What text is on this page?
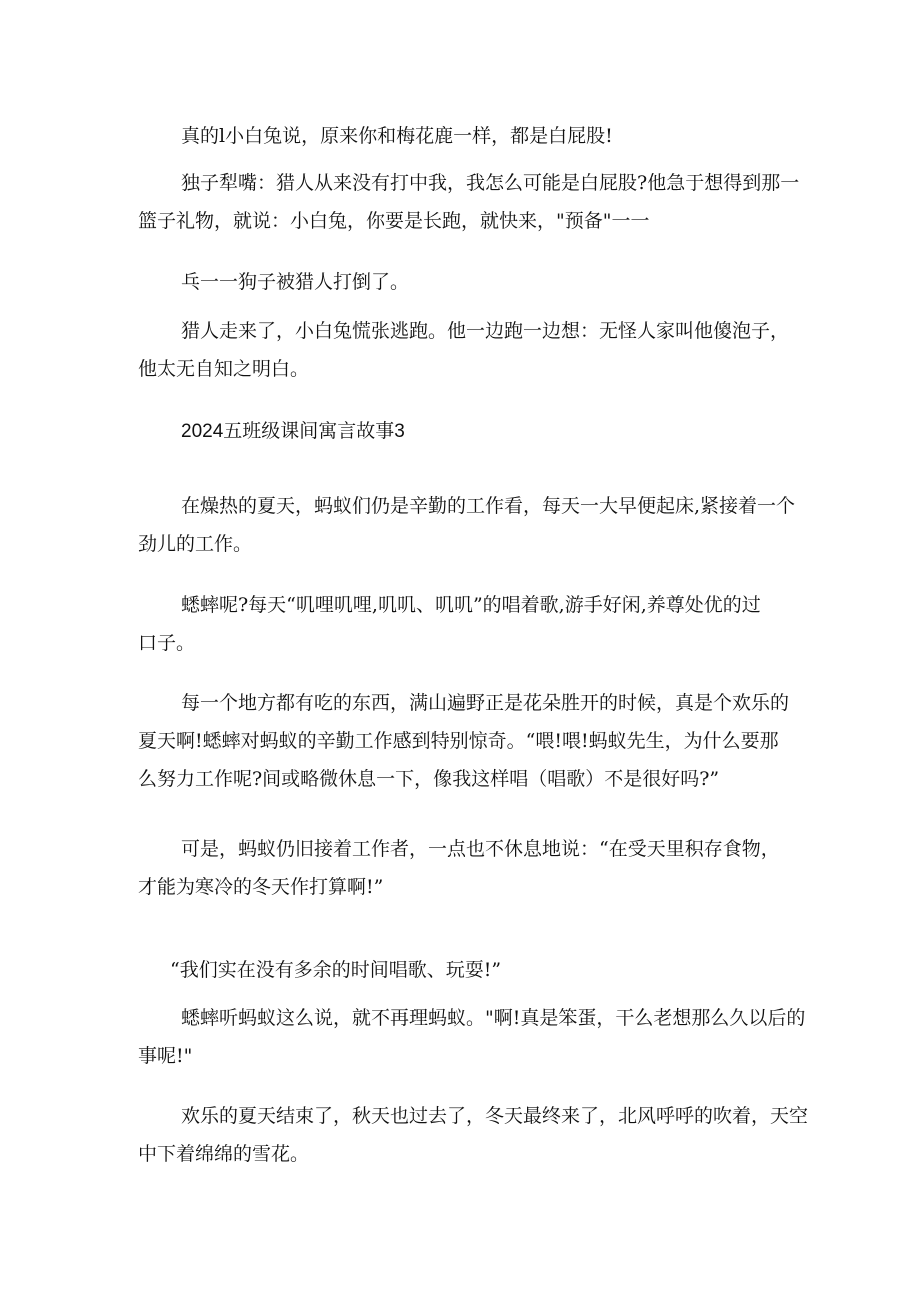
真的l小白兔说，原来你和梅花鹿一样，都是白屁股!

独子犁嘴：猎人从来没有打中我，我怎么可能是白屁股?他急于想得到那一
篮子礼物，就说：小白兔，你要是长跑，就快来，"预备"一一

乓一一狗子被猎人打倒了。

猎人走来了，小白兔慌张逃跑。他一边跑一边想：无怪人家叫他傻泡子，
他太无自知之明白。

2024五班级课间寓言故事3

在燥热的夏天，蚂蚁们仍是辛勤的工作看，每天一大早便起床,紧接着一个
劲儿的工作。

蟋蟀呢?每天“叽哩叽哩,叽叽、叽叽”的唱着歌,游手好闲,养尊处优的过
口子。

每一个地方都有吃的东西，满山遍野正是花朵胜开的时候，真是个欢乐的
夏天啊!蟋蟀对蚂蚁的辛勤工作感到特别惊奇。“喂!喂!蚂蚁先生，为什么要那
么努力工作呢?间或略微休息一下，像我这样唱（唱歌）不是很好吗?”

可是，蚂蚁仍旧接着工作者，一点也不休息地说：“在受天里积存食物，
才能为寒冷的冬天作打算啊!”

“我们实在没有多余的时间唱歌、玩耍!”

蟋蟀听蚂蚁这么说，就不再理蚂蚁。"啊!真是笨蛋，干么老想那么久以后的
事呢!"

欢乐的夏天结束了，秋天也过去了，冬天最终来了，北风呼呼的吹着，天空
中下着绵绵的雪花。
